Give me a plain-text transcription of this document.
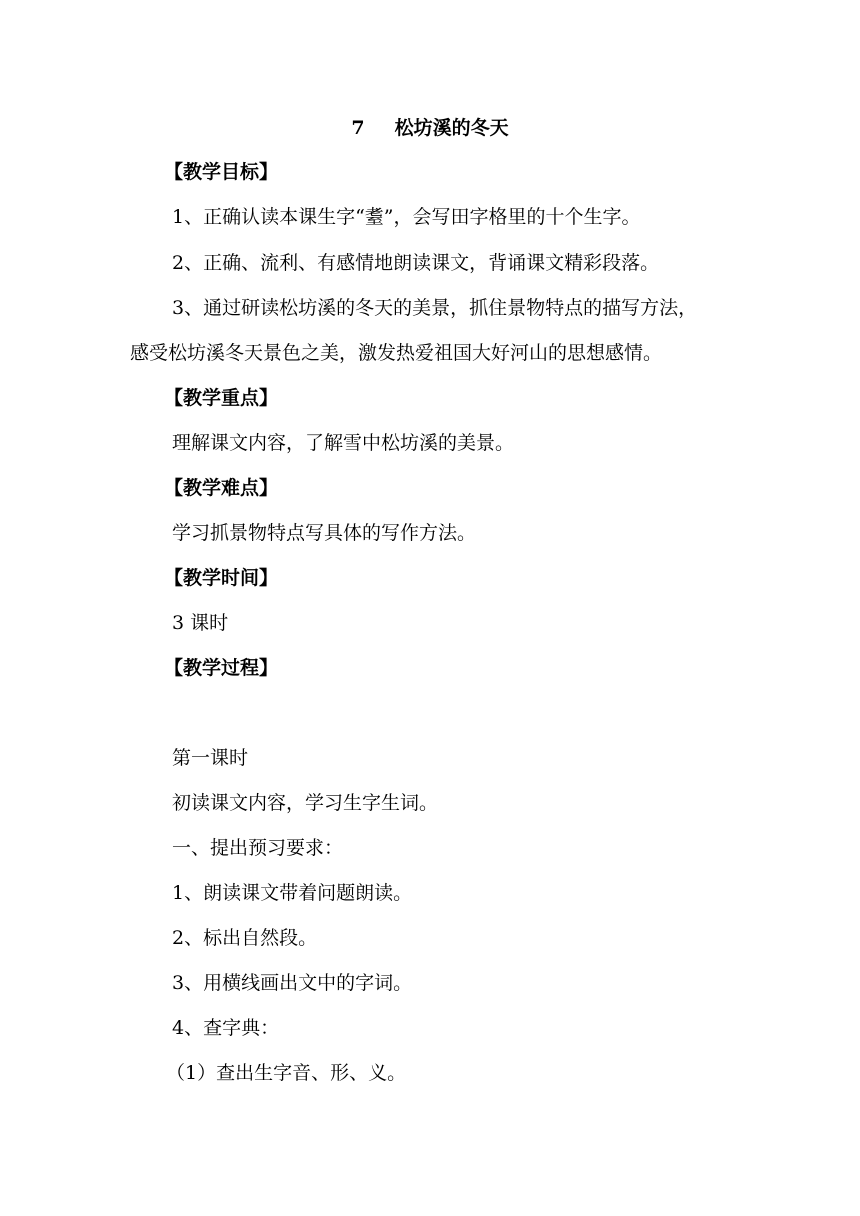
7 松坊溪的冬天
【教学目标】
1、正确认读本课生字“耋”，会写田字格里的十个生字。
2、正确、流利、有感情地朗读课文，背诵课文精彩段落。
3、通过研读松坊溪的冬天的美景，抓住景物特点的描写方法，
感受松坊溪冬天景色之美，激发热爱祖国大好河山的思想感情。
【教学重点】
理解课文内容，了解雪中松坊溪的美景。
【教学难点】
学习抓景物特点写具体的写作方法。
【教学时间】
3 课时
【教学过程】
第一课时
初读课文内容，学习生字生词。
一、提出预习要求：
1、朗读课文带着问题朗读。
2、标出自然段。
3、用横线画出文中的字词。
4、查字典：
（1）查出生字音、形、义。
